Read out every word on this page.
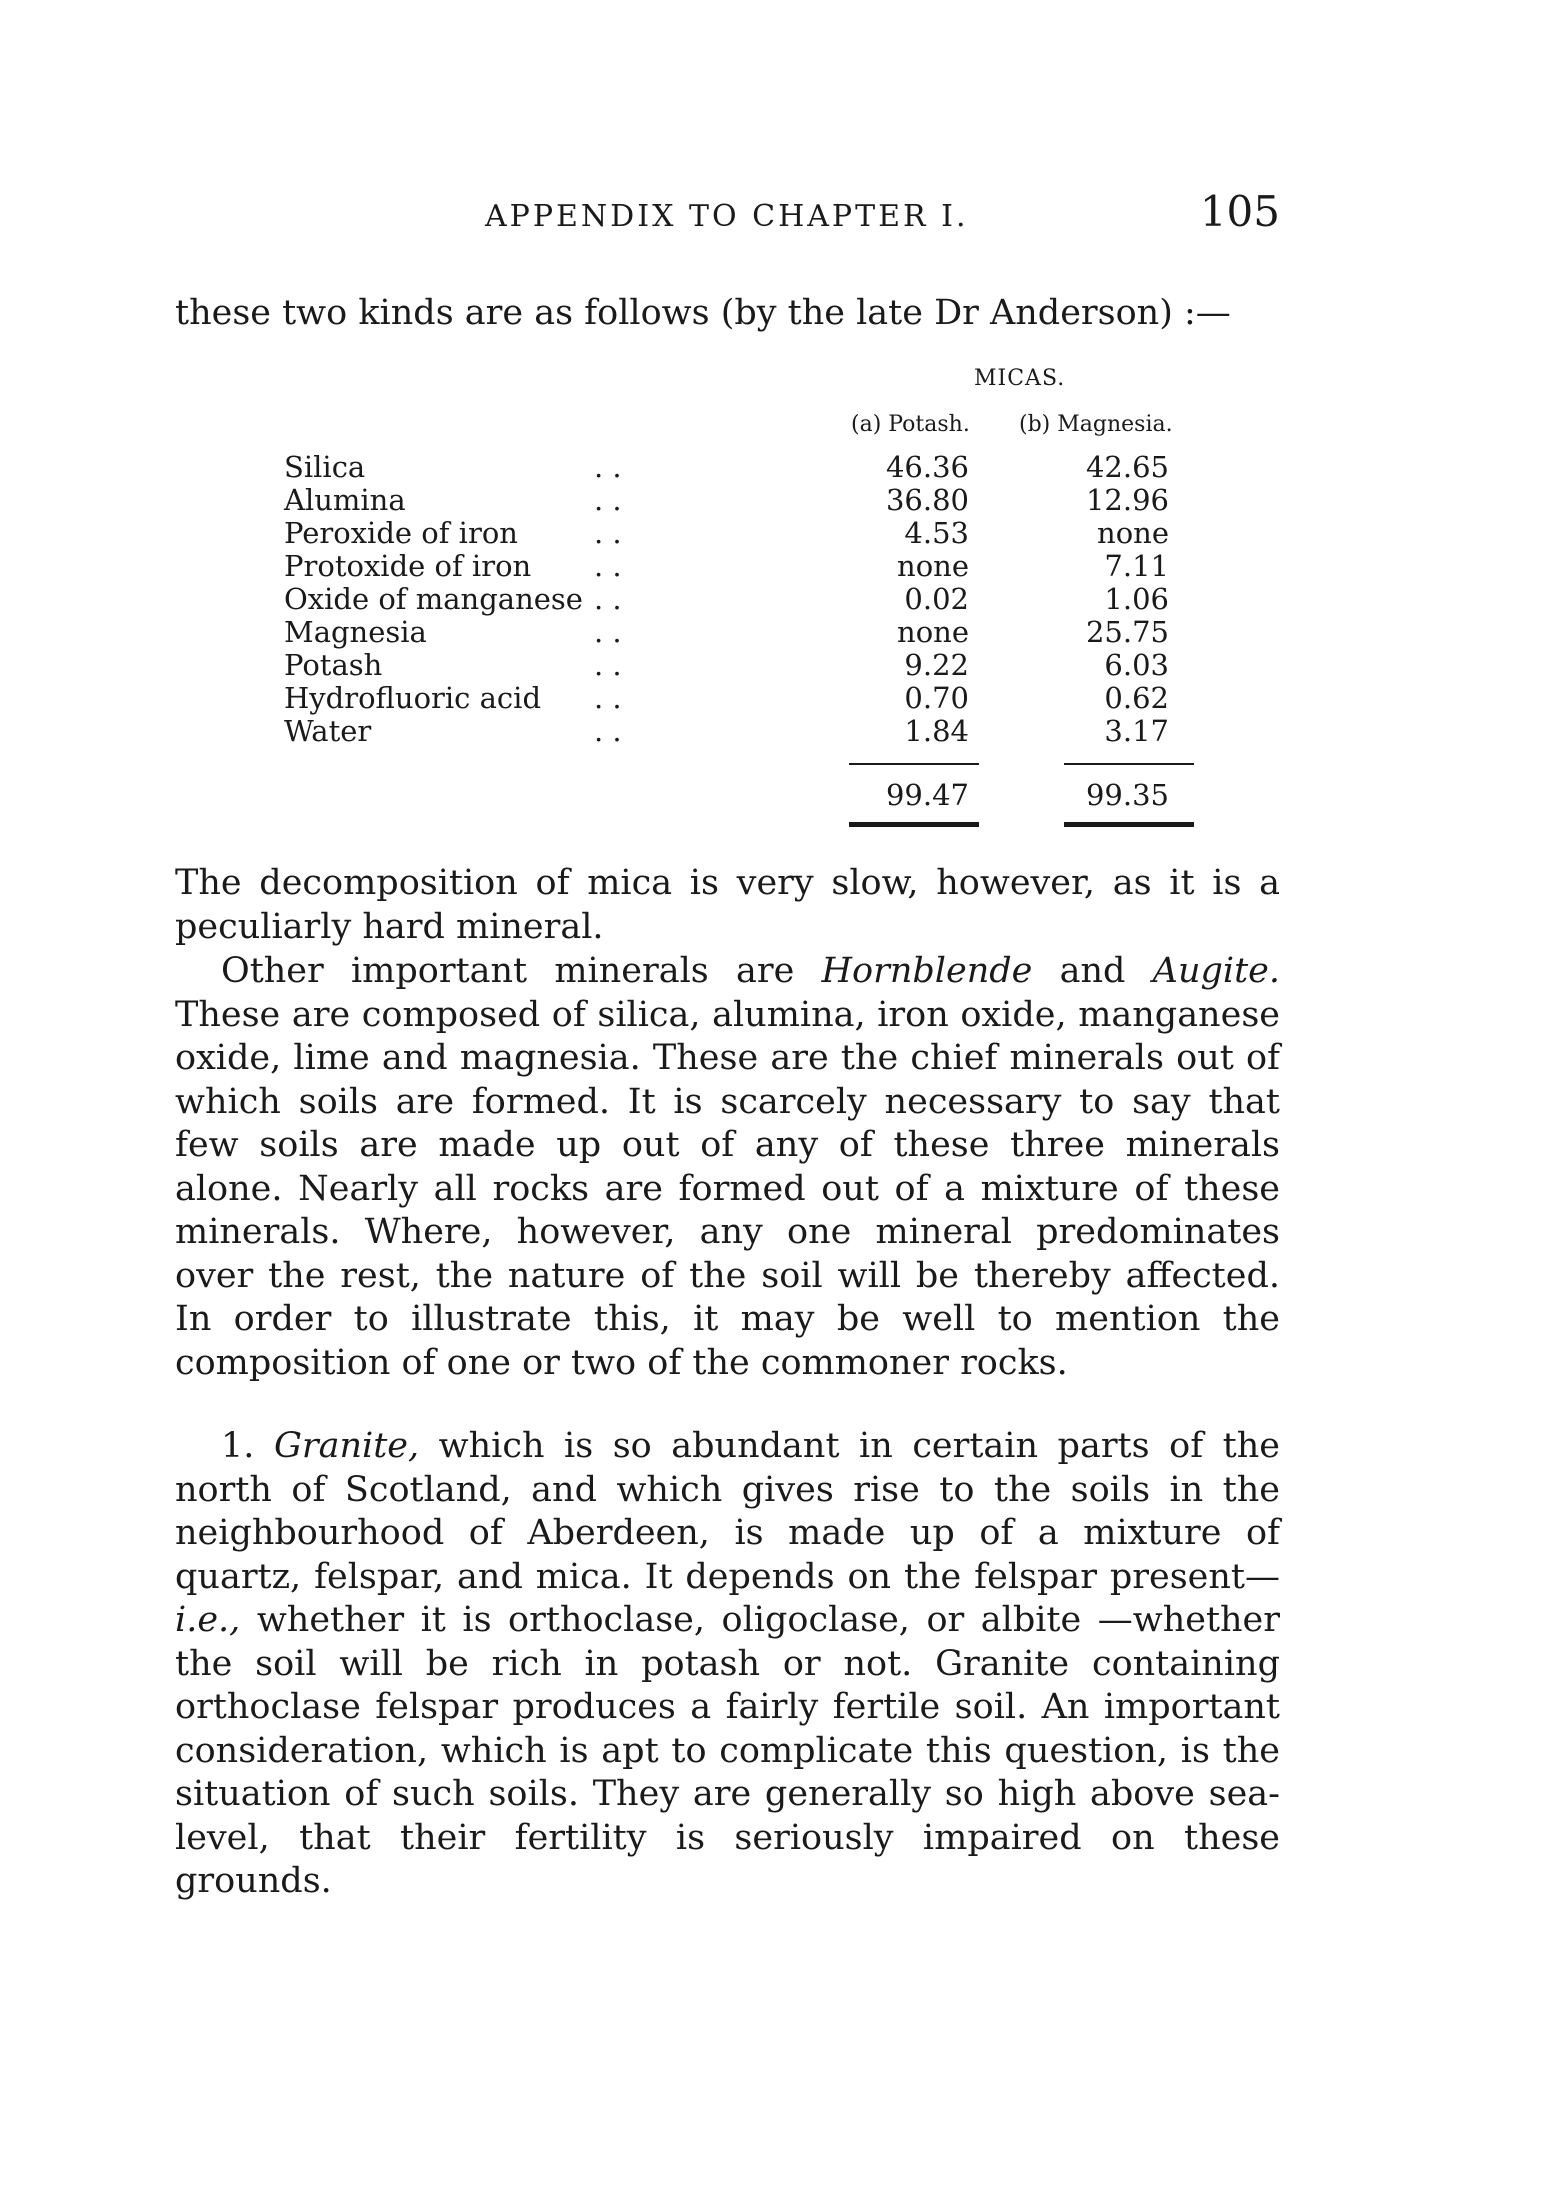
APPENDIX TO CHAPTER I.	105

these two kinds are as follows (by the late Dr Anderson) :—

MICAS.
(a) Potash. (b) Magnesia.
Silica	. .	46.36	42.65
Alumina	. .	36.80	12.96
Peroxide of iron	. .	4.53	none
Protoxide of iron . .	none	7.11
Oxide of manganese . .	0.02	1.06
Magnesia	. .	none	25.75
Potash	. .	9.22	6.03
Hydrofluoric acid . .	0.70	0.62
Water	. .	1.84	3.17
99.47	99.35

The decomposition of mica is very slow, however, as it is a peculiarly hard mineral.

Other important minerals are Hornblende and Augite. These are composed of silica, alumina, iron oxide, manganese oxide, lime and magnesia. These are the chief minerals out of which soils are formed. It is scarcely necessary to say that few soils are made up out of any of these three minerals alone. Nearly all rocks are formed out of a mixture of these minerals. Where, however, any one mineral predominates over the rest, the nature of the soil will be thereby affected. In order to illustrate this, it may be well to mention the composition of one or two of the commoner rocks.

1. Granite, which is so abundant in certain parts of the north of Scotland, and which gives rise to the soils in the neighbourhood of Aberdeen, is made up of a mixture of quartz, felspar, and mica. It depends on the felspar present—i.e., whether it is orthoclase, oligoclase, or albite —whether the soil will be rich in potash or not. Granite containing orthoclase felspar produces a fairly fertile soil. An important consideration, which is apt to complicate this question, is the situation of such soils. They are generally so high above sea-level, that their fertility is seriously impaired on these grounds.
